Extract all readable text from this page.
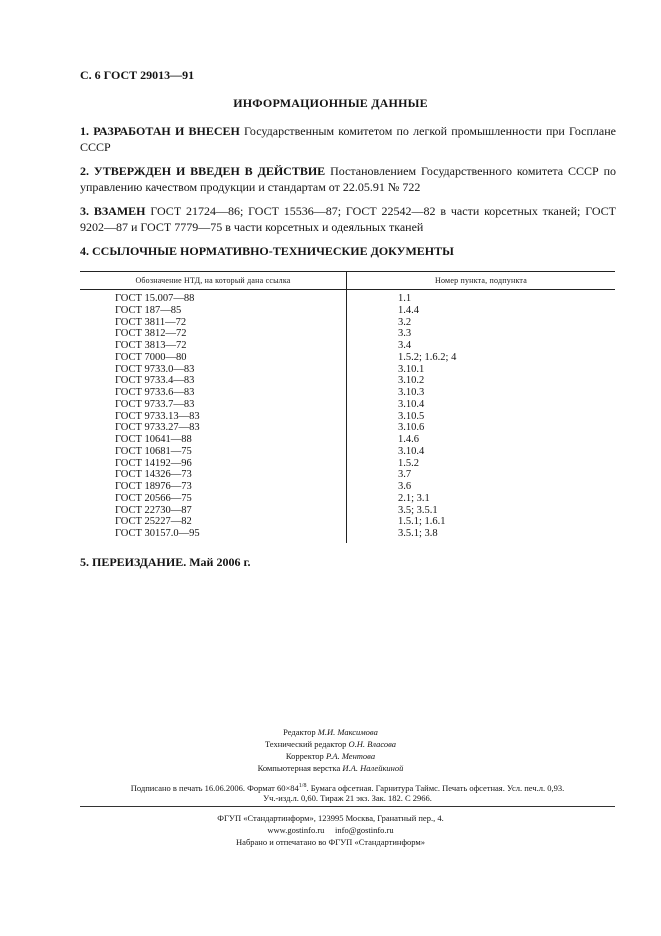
С. 6 ГОСТ 29013—91
ИНФОРМАЦИОННЫЕ ДАННЫЕ
1. РАЗРАБОТАН И ВНЕСЕН Государственным комитетом по легкой промышленности при Госплане СССР
2. УТВЕРЖДЕН И ВВЕДЕН В ДЕЙСТВИЕ Постановлением Государственного комитета СССР по управлению качеством продукции и стандартам от 22.05.91 № 722
3. ВЗАМЕН ГОСТ 21724—86; ГОСТ 15536—87; ГОСТ 22542—82 в части корсетных тканей; ГОСТ 9202—87 и ГОСТ 7779—75 в части корсетных и одеяльных тканей
4. ССЫЛОЧНЫЕ НОРМАТИВНО-ТЕХНИЧЕСКИЕ ДОКУМЕНТЫ
Обозначение НТД, на который дана ссылка	Номер пункта, подпункта
ГОСТ 15.007—88
ГОСТ 187—85
ГОСТ 3811—72
ГОСТ 3812—72
ГОСТ 3813—72
ГОСТ 7000—80
ГОСТ 9733.0—83
ГОСТ 9733.4—83
ГОСТ 9733.6—83
ГОСТ 9733.7—83
ГОСТ 9733.13—83
ГОСТ 9733.27—83
ГОСТ 10641—88
ГОСТ 10681—75
ГОСТ 14192—96
ГОСТ 14326—73
ГОСТ 18976—73
ГОСТ 20566—75
ГОСТ 22730—87
ГОСТ 25227—82
ГОСТ 30157.0—95
1.1
1.4.4
3.2
3.3
3.4
1.5.2; 1.6.2; 4
3.10.1
3.10.2
3.10.3
3.10.4
3.10.5
3.10.6
1.4.6
3.10.4
1.5.2
3.7
3.6
2.1; 3.1
3.5; 3.5.1
1.5.1; 1.6.1
3.5.1; 3.8
5. ПЕРЕИЗДАНИЕ. Май 2006 г.
Редактор М.И. Максимова
Технический редактор О.Н. Власова
Корректор Р.А. Ментова
Компьютерная верстка И.А. Налейкиной
Подписано в печать 16.06.2006. Формат $60\times 84^{1/8}$. Бумага офсетная. Гарнитура Таймс. Печать офсетная. Усл. печ.л. 0,93.
Уч.-изд.л. 0,60. Тираж 21 экз. Зак. 182. С 2966.
ФГУП «Стандартинформ», 123995 Москва, Гранатный пер., 4.
www.gostinfo.ru info@gostinfo.ru
Набрано и отпечатано во ФГУП «Стандартинформ»
